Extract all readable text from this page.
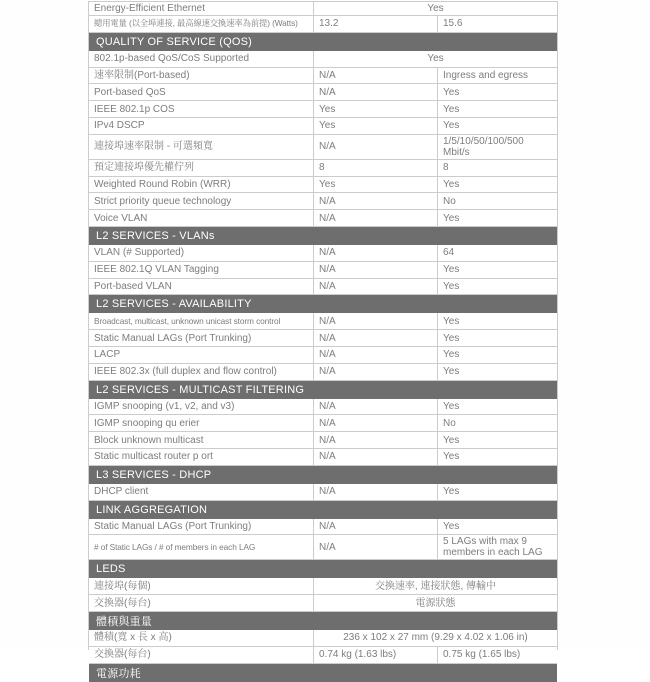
Energy-Efficient Ethernet	Yes
總用電量 (以全埠連接, 最高線速交換速率為前提) (Watts)	13.2	15.6
QUALITY OF SERVICE (QOS)
802.1p-based QoS/CoS Supported	Yes
速率限制(Port-based)	N/A	Ingress and egress
Port-based QoS	N/A	Yes
IEEE 802.1p COS	Yes	Yes
IPv4 DSCP	Yes	Yes
連接埠速率限制 - 可選頻寬	N/A	1/5/10/50/100/500 Mbit/s
預定連接埠優先權佇列	8	8
Weighted Round Robin (WRR)	Yes	Yes
Strict priority queue technology	N/A	No
Voice VLAN	N/A	Yes
L2 SERVICES - VLANs
VLAN (# Supported)	N/A	64
IEEE 802.1Q VLAN Tagging	N/A	Yes
Port-based VLAN	N/A	Yes
L2 SERVICES - AVAILABILITY
Broadcast, multicast, unknown unicast storm control	N/A	Yes
Static Manual LAGs (Port Trunking)	N/A	Yes
LACP	N/A	Yes
IEEE 802.3x (full duplex and flow control)	N/A	Yes
L2 SERVICES - MULTICAST FILTERING
IGMP snooping (v1, v2, and v3)	N/A	Yes
IGMP snooping qu erier	N/A	No
Block unknown multicast	N/A	Yes
Static multicast router p ort	N/A	Yes
L3 SERVICES - DHCP
DHCP client	N/A	Yes
LINK AGGREGATION
Static Manual LAGs (Port Trunking)	N/A	Yes
# of Static LAGs / # of members in each LAG	N/A	5 LAGs with max 9 members in each LAG
LEDS
連接埠(每個)	交換速率, 連接狀態, 傳輸中
交換器(每台)	電源狀態
體積與重量
體積(寬 x 長 x 高)	236 x 102 x 27 mm (9.29 x 4.02 x 1.06 in)
交換器(每台)	0.74 kg (1.63 lbs)	0.75 kg (1.65 lbs)
電源功耗
